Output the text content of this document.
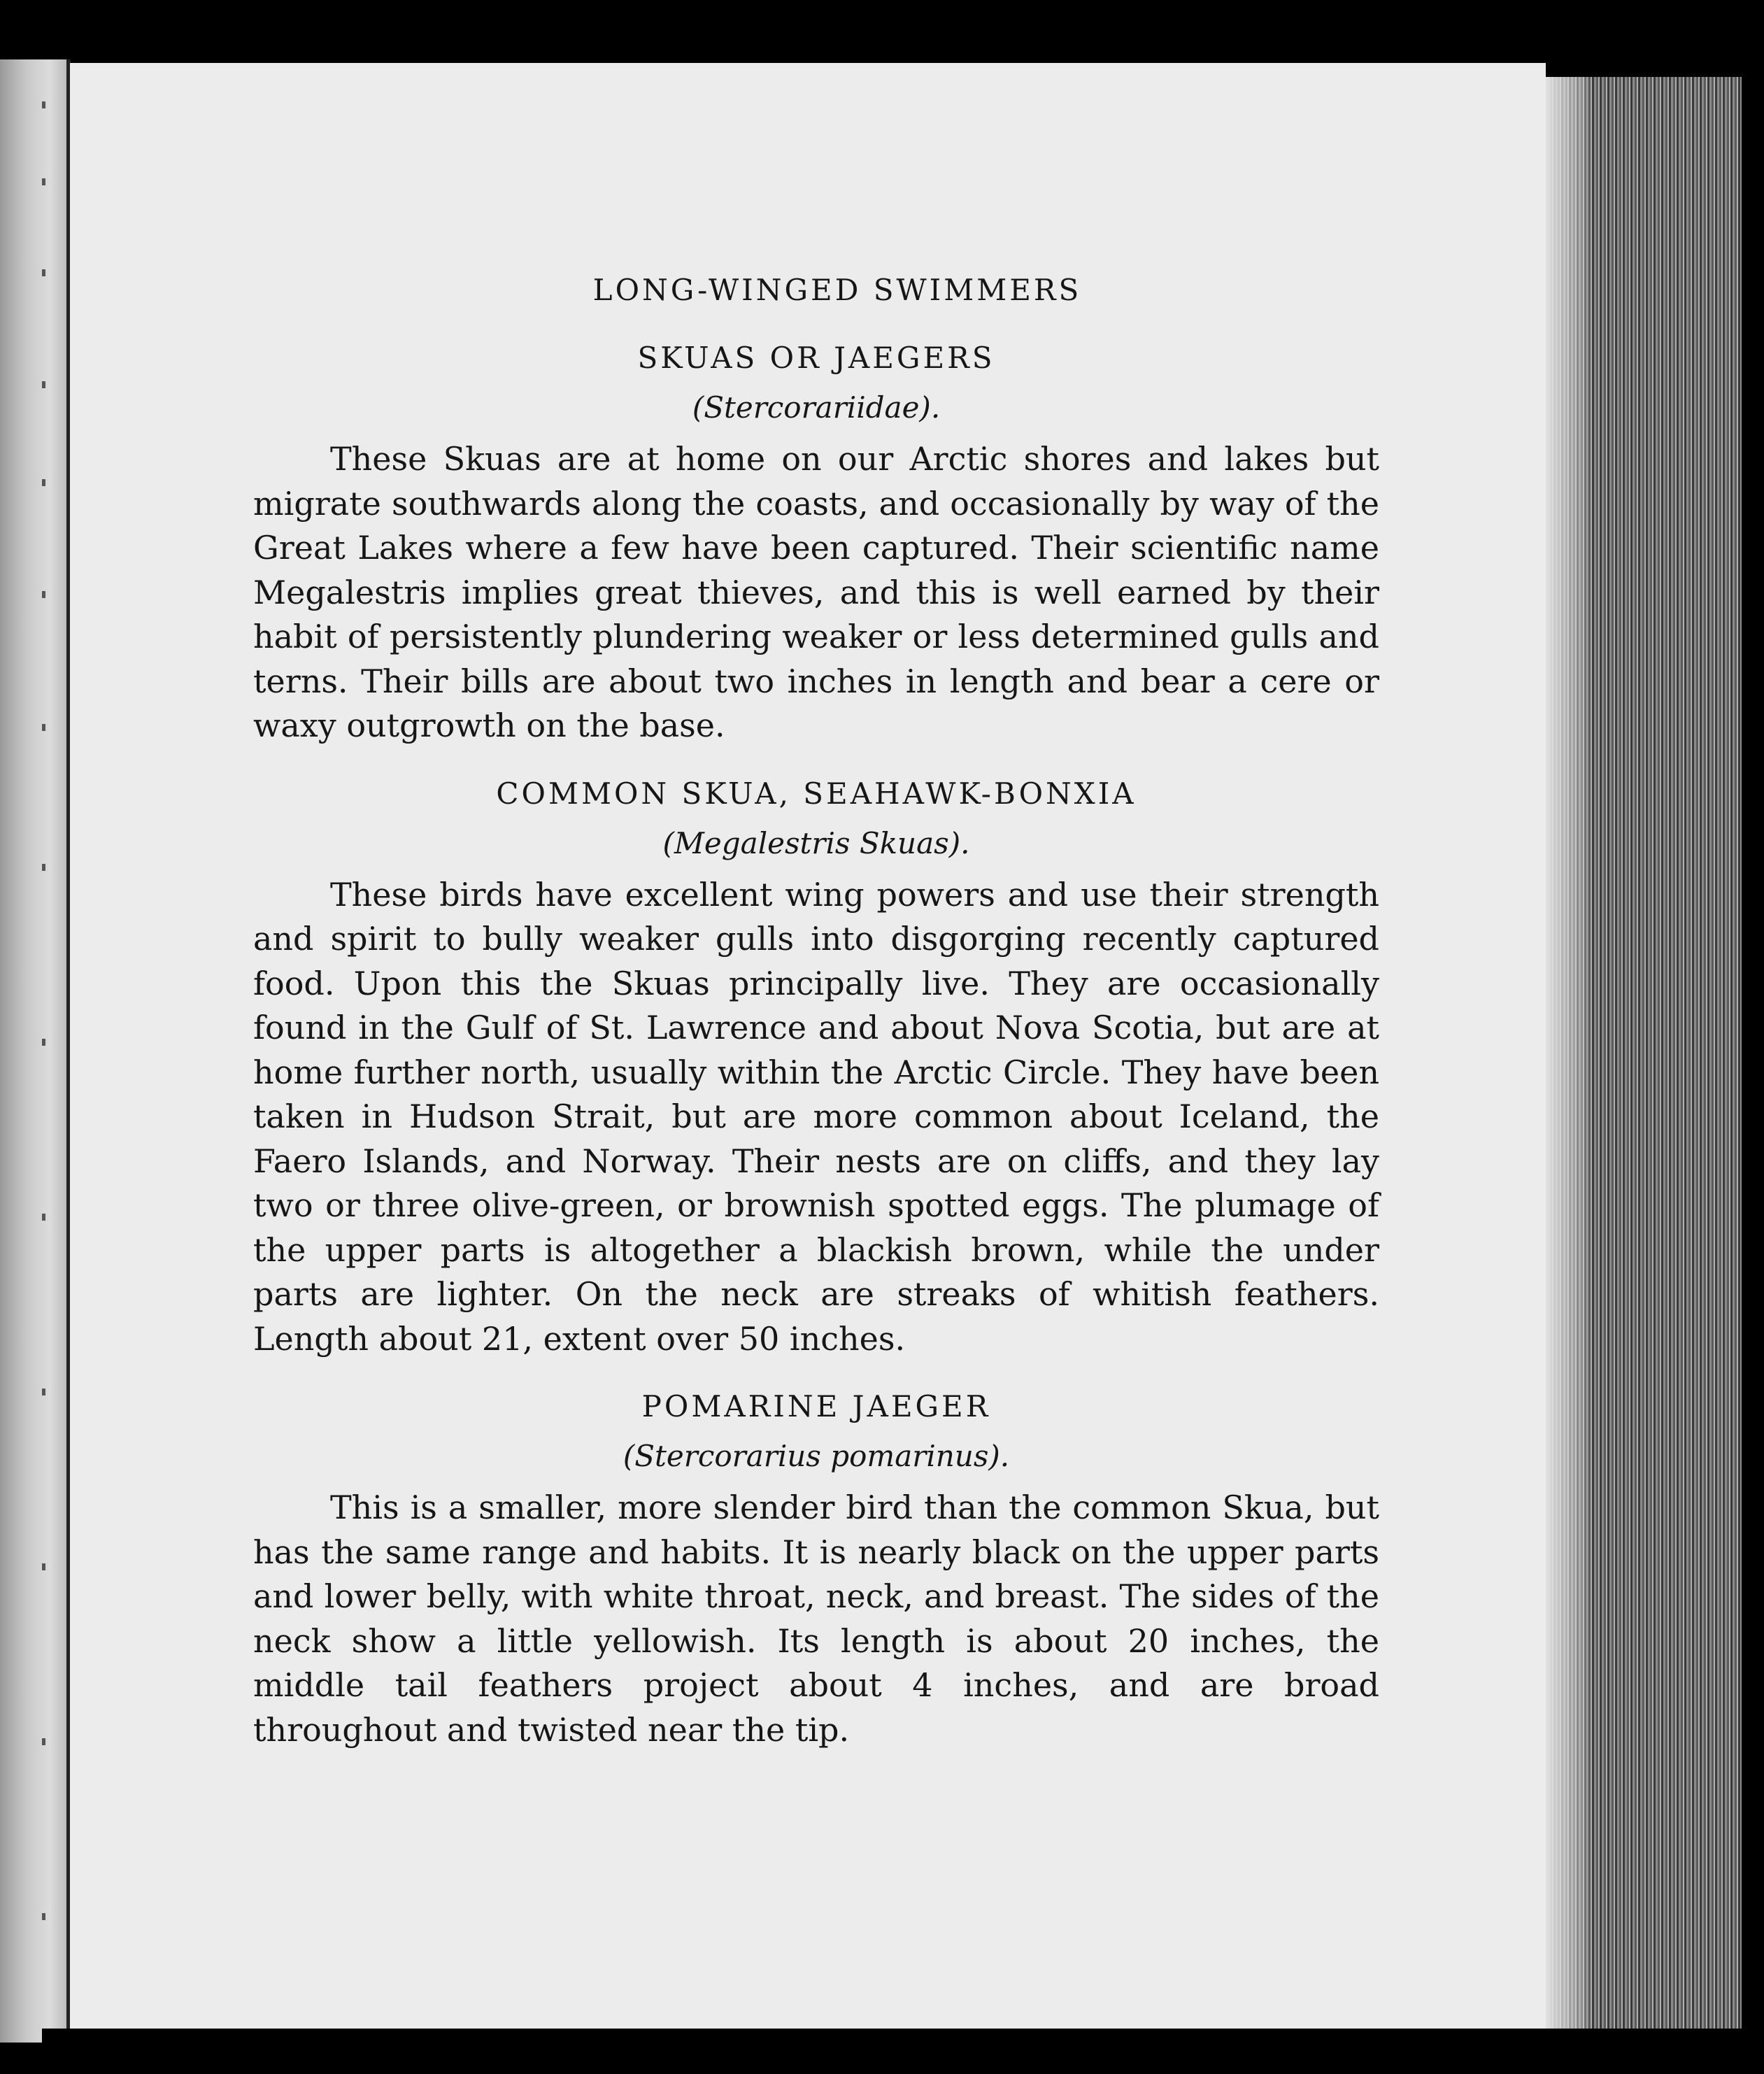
LONG-WINGED SWIMMERS
SKUAS OR JAEGERS

(Stercorariidae).

These Skuas are at home on our Arctic shores and lakes but migrate southwards along the coasts, and occasionally by way of the Great Lakes where a few have been captured. Their scientific name Megalestris implies great thieves, and this is well earned by their habit of persistently plundering weaker or less determined gulls and terns. Their bills are about two inches in length and bear a cere or waxy outgrowth on the base.

COMMON SKUA, SEAHAWK-BONXIA

(Megalestris Skuas).

These birds have excellent wing powers and use their strength and spirit to bully weaker gulls into disgorging recently captured food. Upon this the Skuas principally live. They are occasionally found in the Gulf of St. Lawrence and about Nova Scotia, but are at home further north, usually within the Arctic Circle. They have been taken in Hudson Strait, but are more common about Iceland, the Faero Islands, and Norway. Their nests are on cliffs, and they lay two or three olive-green, or brownish spotted eggs. The plumage of the upper parts is altogether a blackish brown, while the under parts are lighter. On the neck are streaks of whitish feathers. Length about 21, extent over 50 inches.

POMARINE JAEGER

(Stercorarius pomarinus).

This is a smaller, more slender bird than the common Skua, but has the same range and habits. It is nearly black on the upper parts and lower belly, with white throat, neck, and breast. The sides of the neck show a little yellowish. Its length is about 20 inches, the middle tail feathers project about 4 inches, and are broad throughout and twisted near the tip.
